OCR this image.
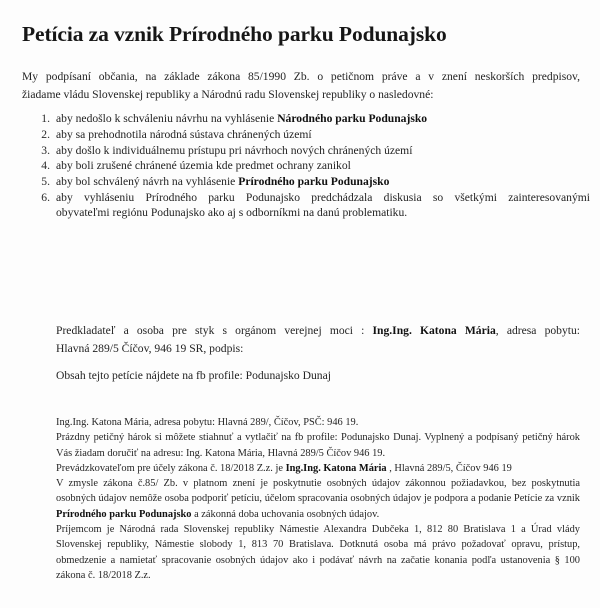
Petícia za vznik Prírodného parku Podunajsko
My podpísaní občania, na základe zákona 85/1990 Zb. o petičnom práve a v znení neskorších predpisov,
žiadame vládu Slovenskej republiky a Národnú radu Slovenskej republiky o nasledovné:
1. aby nedošlo k schváleniu návrhu na vyhlásenie Národného parku Podunajsko
2. aby sa prehodnotila národná sústava chránených území
3. aby došlo k individuálnemu prístupu pri návrhoch nových chránených území
4. aby boli zrušené chránené územia kde predmet ochrany zanikol
5. aby bol schválený návrh na vyhlásenie Prírodného parku Podunajsko
6. aby vyhláseniu Prírodného parku Podunajsko predchádzala diskusia so všetkými zainteresovanými
obyvateľmi regiónu Podunajsko ako aj s odborníkmi na danú problematiku.
Predkladateľ a osoba pre styk s orgánom verejnej moci : Ing.Ing. Katona Mária, adresa pobytu:
Hlavná 289/5 Číčov, 946 19 SR, podpis:
Obsah tejto petície nájdete na fb profile: Podunajsko Dunaj

Ing.Ing. Katona Mária, adresa pobytu: Hlavná 289/, Číčov, PSČ: 946 19.

Prázdny petičný hárok si môžete stiahnuť a vytlačiť na fb profile: Podunajsko Dunaj. Vyplnený a podpísaný petičný hárok Vás žiadam doručiť na adresu: Ing. Katona Mária, Hlavná 289/5 Číčov 946 19.

Prevádzkovateľom pre účely zákona č. 18/2018 Z.z. je Ing.Ing. Katona Mária , Hlavná 289/5, Číčov 946 19

V zmysle zákona č.85/ Zb. v platnom znení je poskytnutie osobných údajov zákonnou požiadavkou, bez poskytnutia osobných údajov nemôže osoba podporiť petíciu, účelom spracovania osobných údajov je podpora a podanie Petície za vznik Prírodného parku Podunajsko a zákonná doba uchovania osobných údajov.

Príjemcom je Národná rada Slovenskej republiky Námestie Alexandra Dubčeka 1, 812 80 Bratislava 1 a Úrad vlády Slovenskej republiky, Námestie slobody 1, 813 70 Bratislava. Dotknutá osoba má právo požadovať opravu, prístup, obmedzenie a namietať spracovanie osobných údajov ako i podávať návrh na začatie konania podľa ustanovenia § 100 zákona č. 18/2018 Z.z.
